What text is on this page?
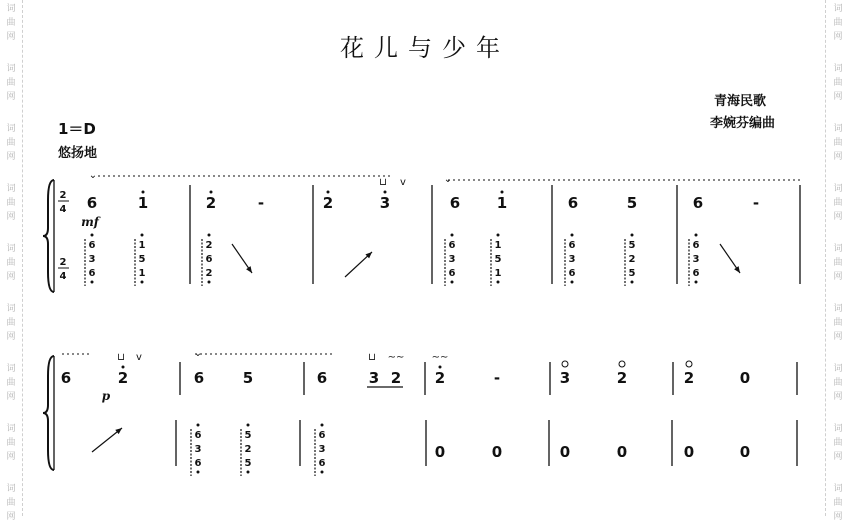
词
曲
网
词
曲
网
词
曲
网
词
曲
网
词
曲
网
词
曲
网
词
曲
网
词
曲
网
词
曲
网
词
曲
网
词
曲
网
词
曲
网
词
曲
网
词
曲
网
词
曲
网
词
曲
网
词
曲
网
词
曲
网
花儿与少年
青海民歌
李婉芬编曲
1＝D
悠扬地
2
4
2
4
mf
6	1	2	-	2	3	6 1	6	5	6	-
⌄	⌄
⊔ v
6
3
6
1
5
1
2
6
2
6
3
6
1
5
1
6
3
6
5
2
5
6
3
6
p
6	2	6	5	6	3 2 2	-	3	2	2	0
⌄
⊔ v	⊔ ∼∼	∼∼
6
3
6
5
2
5
6
3
6
0	0	0	0	0	0
